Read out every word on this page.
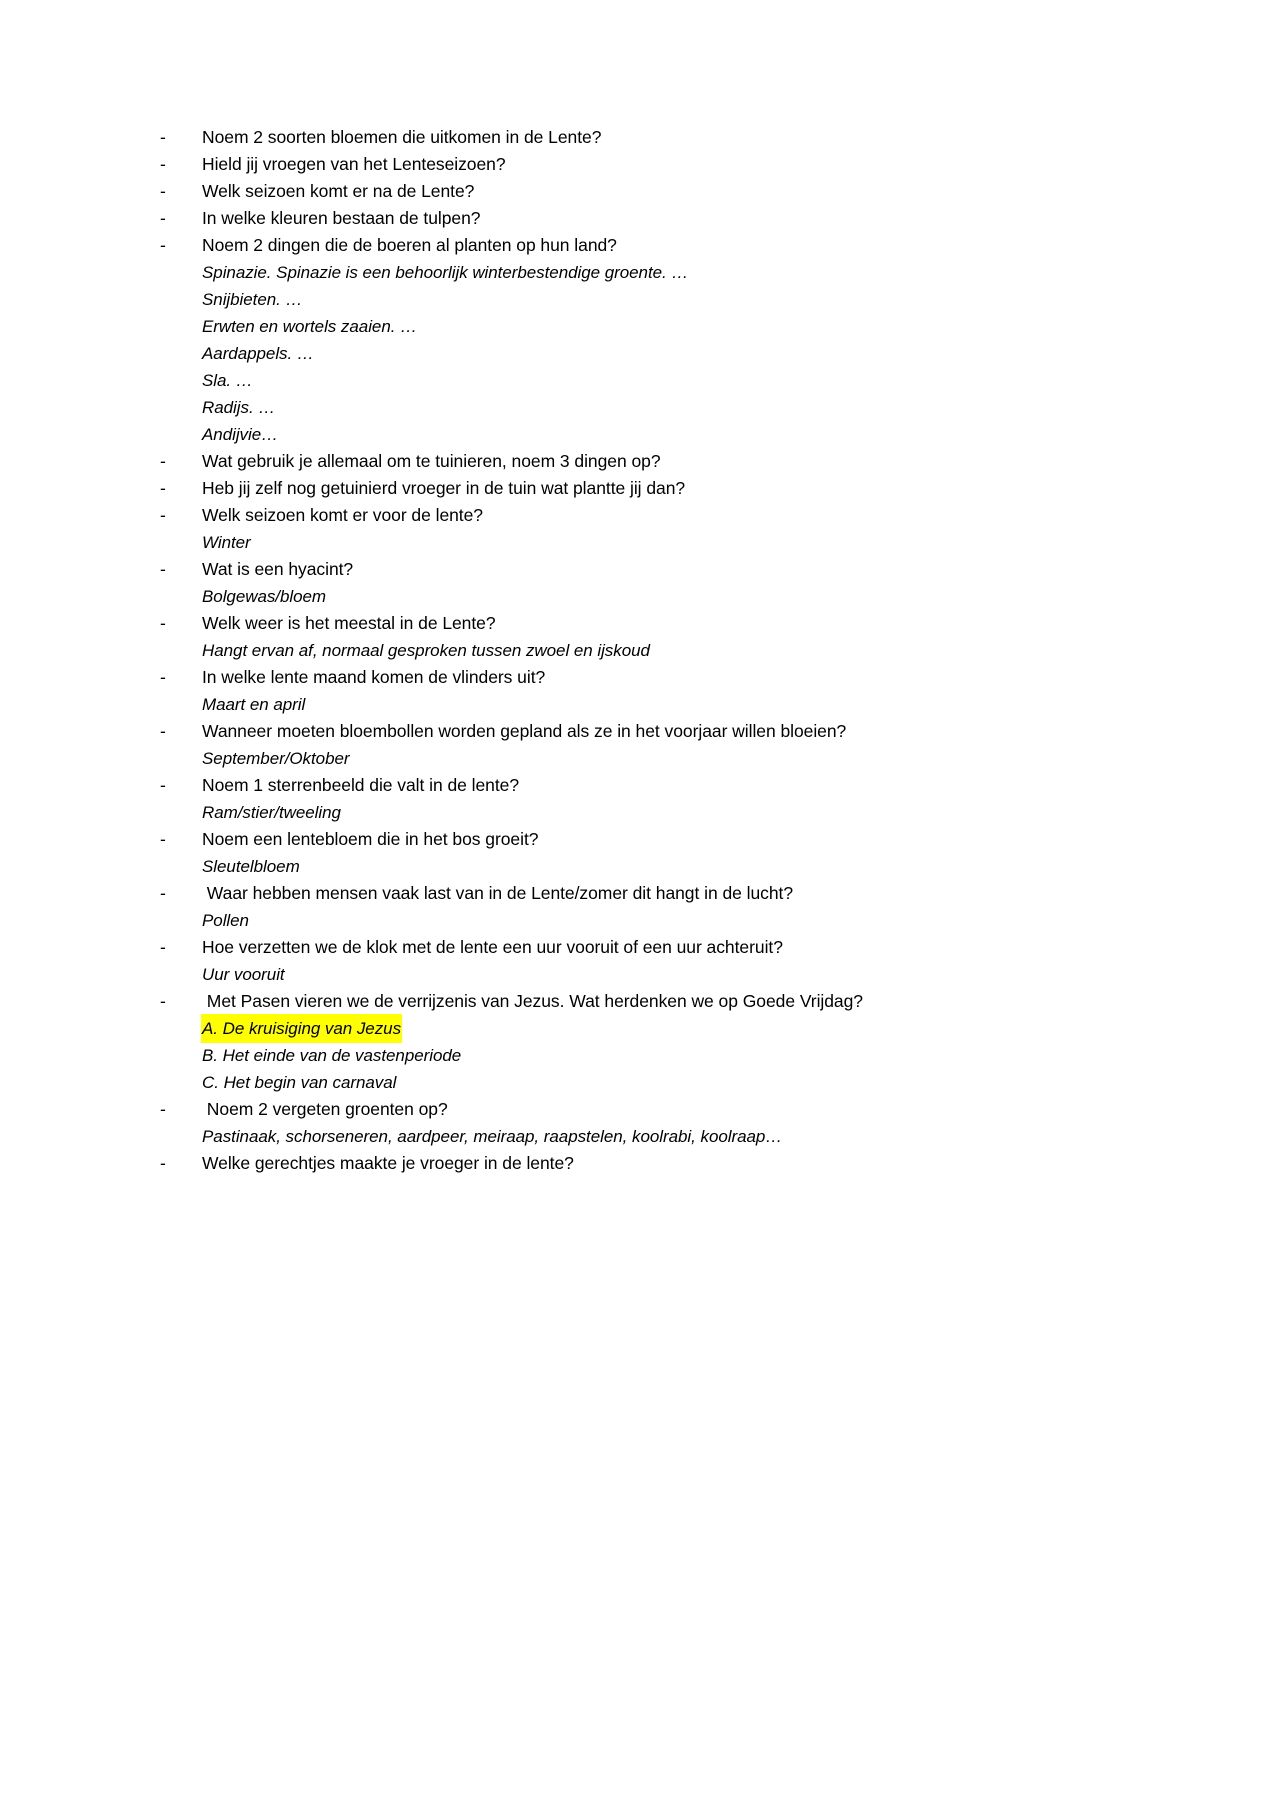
-	Noem 2 soorten bloemen die uitkomen in de Lente?
-	Hield jij vroegen van het Lenteseizoen?
-	Welk seizoen komt er na de Lente?
-	In welke kleuren bestaan de tulpen?
-	Noem 2 dingen die de boeren al planten op hun land?
Spinazie. Spinazie is een behoorlijk winterbestendige groente. …
Snijbieten. …
Erwten en wortels zaaien. …
Aardappels. …
Sla. …
Radijs. …
Andijvie…
-	Wat gebruik je allemaal om te tuinieren, noem 3 dingen op?
-	Heb jij zelf nog getuinierd vroeger in de tuin wat plantte jij dan?
-	Welk seizoen komt er voor de lente?
Winter
-	Wat is een hyacint?
Bolgewas/bloem
-	Welk weer is het meestal in de Lente?
Hangt ervan af, normaal gesproken tussen zwoel en ijskoud
-	In welke lente maand komen de vlinders uit?
Maart en april
-	Wanneer moeten bloembollen worden gepland als ze in het voorjaar willen bloeien?
September/Oktober
-	Noem 1 sterrenbeeld die valt in de lente?
Ram/stier/tweeling
-	Noem een lentebloem die in het bos groeit?
Sleutelbloem
-	Waar hebben mensen vaak last van in de Lente/zomer dit hangt in de lucht?
Pollen
-	Hoe verzetten we de klok met de lente een uur vooruit of een uur achteruit?
Uur vooruit
-	Met Pasen vieren we de verrijzenis van Jezus. Wat herdenken we op Goede Vrijdag?
A. De kruisiging van Jezus
B. Het einde van de vastenperiode
C. Het begin van carnaval
-	Noem 2 vergeten groenten op?
Pastinaak, schorseneren, aardpeer, meiraap, raapstelen, koolrabi, koolraap…
-	Welke gerechtjes maakte je vroeger in de lente?
